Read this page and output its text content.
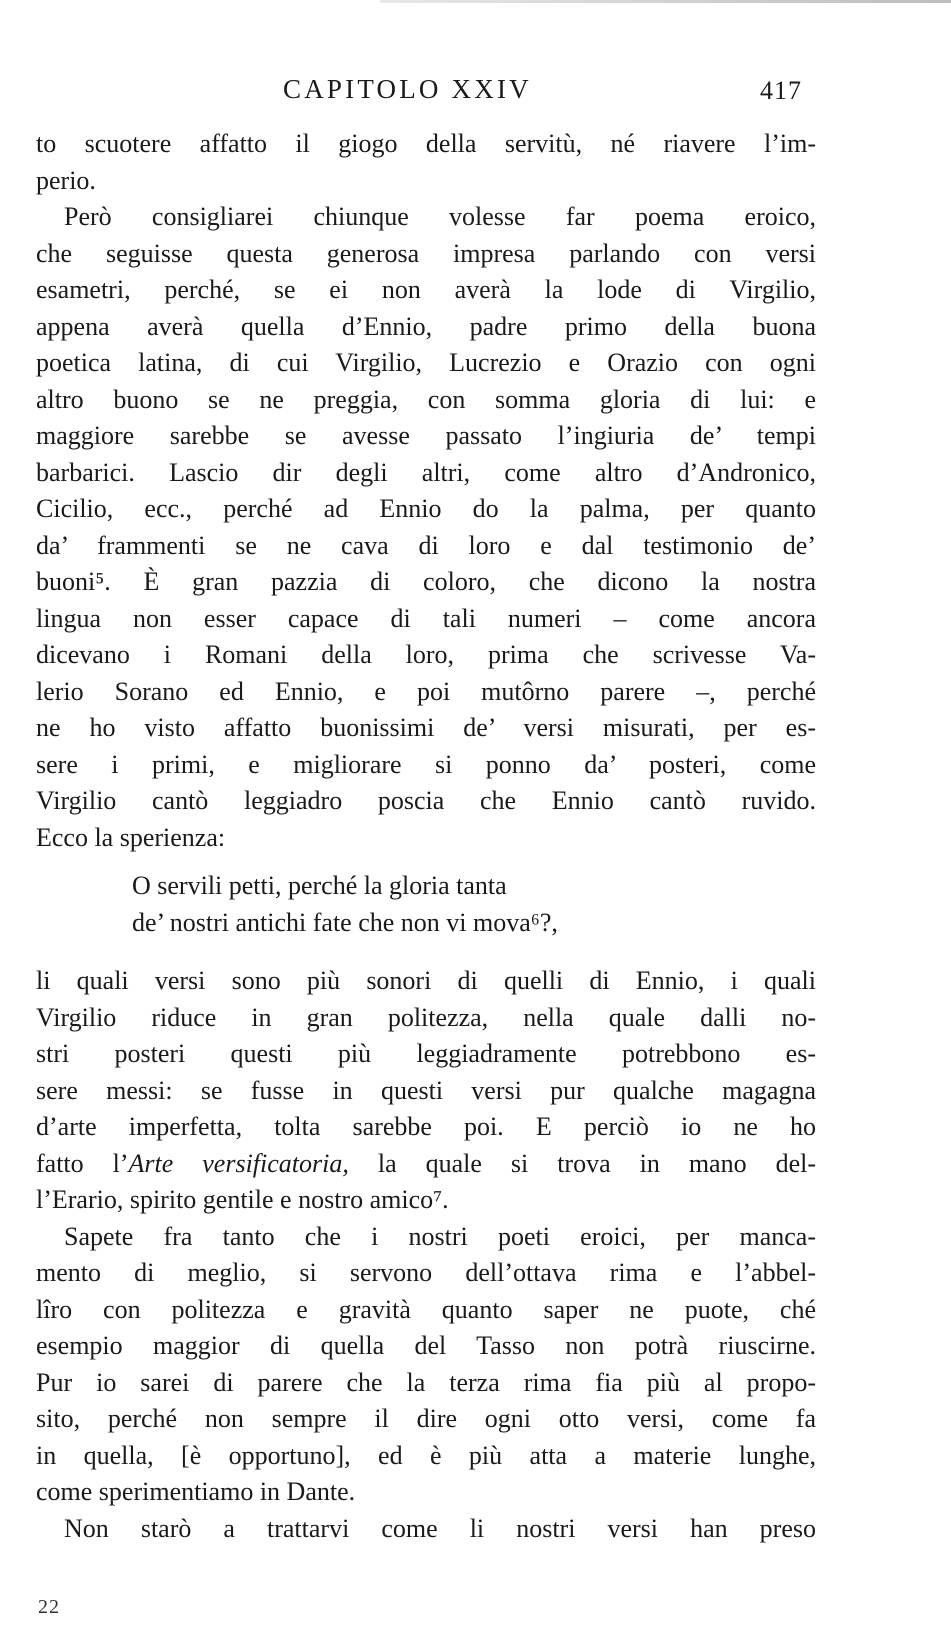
CAPITOLO XXIV	417
to scuotere affatto il giogo della servitù, né riavere l’im-
perio.
Però consigliarei chiunque volesse far poema eroico,
che seguisse questa generosa impresa parlando con versi
esametri, perché, se ei non averà la lode di Virgilio,
appena averà quella d’Ennio, padre primo della buona
poetica latina, di cui Virgilio, Lucrezio e Orazio con ogni
altro buono se ne preggia, con somma gloria di lui: e
maggiore sarebbe se avesse passato l’ingiuria de’ tempi
barbarici. Lascio dir degli altri, come altro d’Andronico,
Cicilio, ecc., perché ad Ennio do la palma, per quanto
da’ frammenti se ne cava di loro e dal testimonio de’
buoni⁵. È gran pazzia di coloro, che dicono la nostra
lingua non esser capace di tali numeri – come ancora
dicevano i Romani della loro, prima che scrivesse Va-
lerio Sorano ed Ennio, e poi mutôrno parere –, perché
ne ho visto affatto buonissimi de’ versi misurati, per es-
sere i primi, e migliorare si ponno da’ posteri, come
Virgilio cantò leggiadro poscia che Ennio cantò ruvido.
Ecco la sperienza:
O servili petti, perché la gloria tanta
de’ nostri antichi fate che non vi mova⁶?,
li quali versi sono più sonori di quelli di Ennio, i quali
Virgilio riduce in gran politezza, nella quale dalli no-
stri posteri questi più leggiadramente potrebbono es-
sere messi: se fusse in questi versi pur qualche magagna
d’arte imperfetta, tolta sarebbe poi. E perciò io ne ho
fatto l’Arte versificatoria, la quale si trova in mano del-
l’Erario, spirito gentile e nostro amico⁷.
Sapete fra tanto che i nostri poeti eroici, per manca-
mento di meglio, si servono dell’ottava rima e l’abbel-
lîro con politezza e gravità quanto saper ne puote, ché
esempio maggior di quella del Tasso non potrà riuscirne.
Pur io sarei di parere che la terza rima fia più al propo-
sito, perché non sempre il dire ogni otto versi, come fa
in quella, [è opportuno], ed è più atta a materie lunghe,
come sperimentiamo in Dante.
Non starò a trattarvi come li nostri versi han preso
22
